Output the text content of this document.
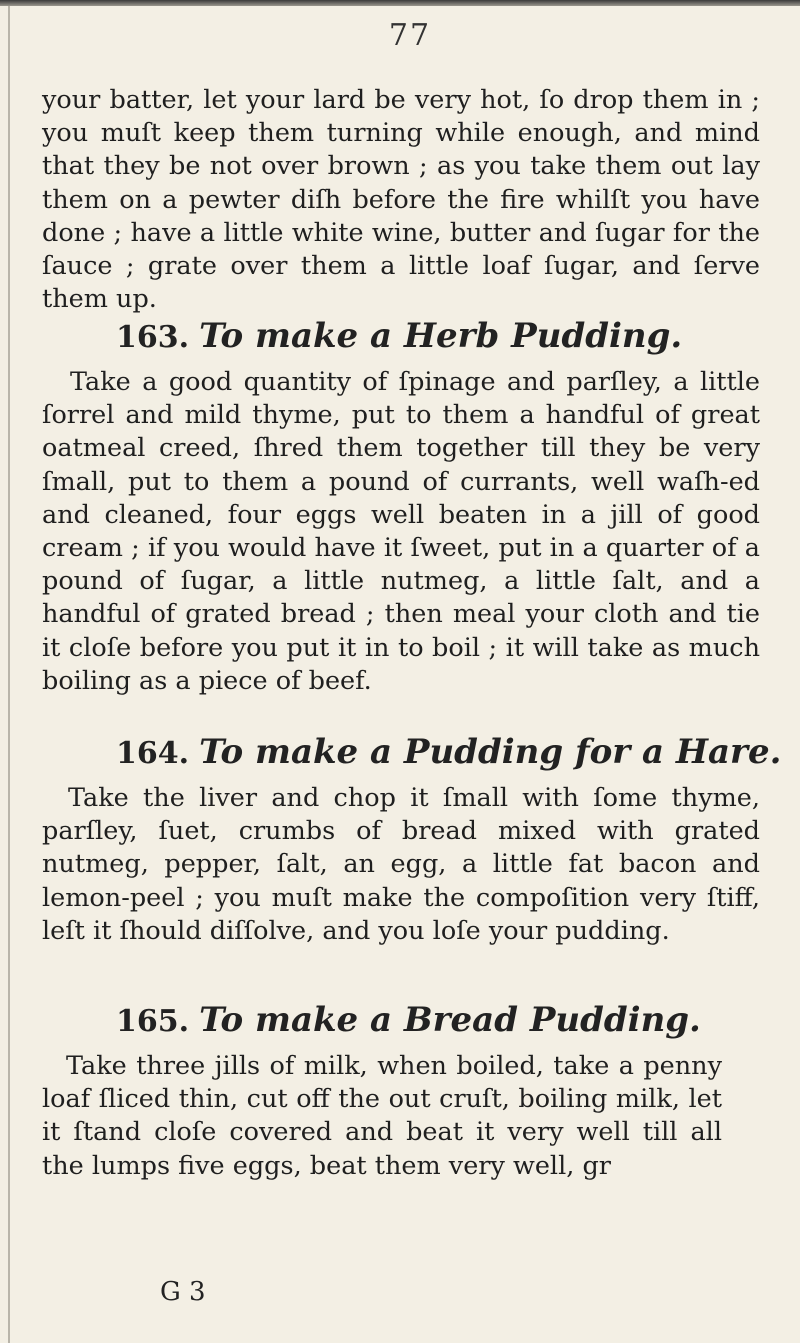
77

your batter, let your lard be very hot, ſo drop them in ; you muſt keep them turning while enough, and mind that they be not over brown ; as you take them out lay them on a pewter diſh before the fire whilſt you have done ; have a little white wine, butter and ſugar for the ſauce ; grate over them a little loaf ſugar, and ſerve them up.

163. To make a Herb Pudding.

Take a good quantity of ſpinage and parſley, a little ſorrel and mild thyme, put to them a handful of great oatmeal creed, ſhred them together till they be very ſmall, put to them a pound of currants, well waſh-ed and cleaned, four eggs well beaten in a jill of good cream ; if you would have it ſweet, put in a quarter of a pound of ſugar, a little nutmeg, a little ſalt, and a handful of grated bread ; then meal your cloth and tie it cloſe before you put it in to boil ; it will take as much boiling as a piece of beef.

164. To make a Pudding for a Hare.

Take the liver and chop it ſmall with ſome thyme, parſley, ſuet, crumbs of bread mixed with grated nutmeg, pepper, ſalt, an egg, a little fat bacon and lemon-peel ; you muſt make the compoſition very ſtiff, leſt it ſhould diſſolve, and you loſe your pudding.

165. To make a Bread Pudding.

Take three jills of milk, when boiled, take a penny loaf ſliced thin, cut off the out cruſt, boiling milk, let it ſtand cloſe covered and beat it very well till all the lumps five eggs, beat them very well, gr

G 3
